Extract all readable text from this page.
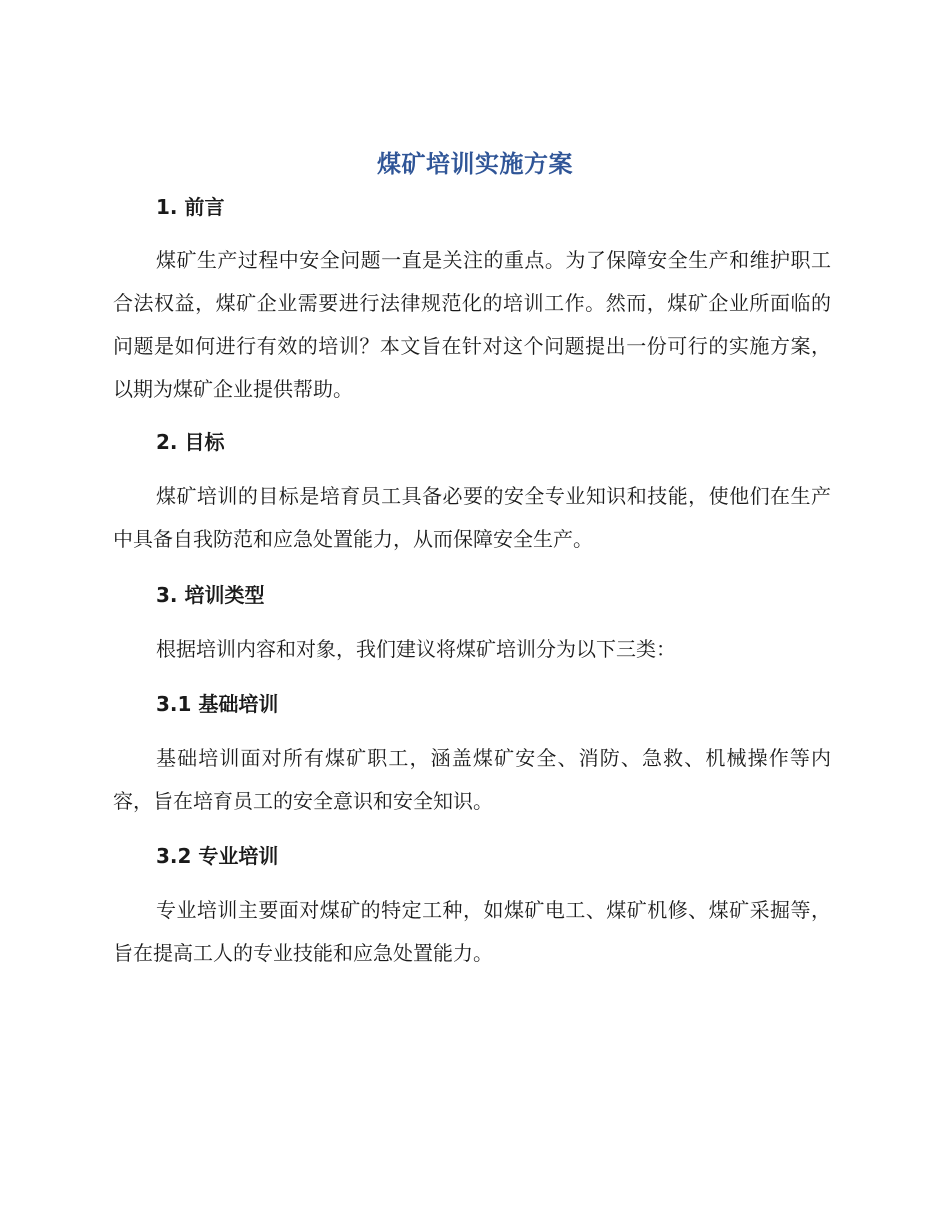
煤矿培训实施方案
1. 前言
煤矿生产过程中安全问题一直是关注的重点。为了保障安全生产和维护职工合法权益，煤矿企业需要进行法律规范化的培训工作。然而，煤矿企业所面临的问题是如何进行有效的培训？本文旨在针对这个问题提出一份可行的实施方案，以期为煤矿企业提供帮助。
2. 目标
煤矿培训的目标是培育员工具备必要的安全专业知识和技能，使他们在生产中具备自我防范和应急处置能力，从而保障安全生产。
3. 培训类型
根据培训内容和对象，我们建议将煤矿培训分为以下三类：
3.1 基础培训
基础培训面对所有煤矿职工，涵盖煤矿安全、消防、急救、机械操作等内容，旨在培育员工的安全意识和安全知识。
3.2 专业培训
专业培训主要面对煤矿的特定工种，如煤矿电工、煤矿机修、煤矿采掘等，旨在提高工人的专业技能和应急处置能力。
